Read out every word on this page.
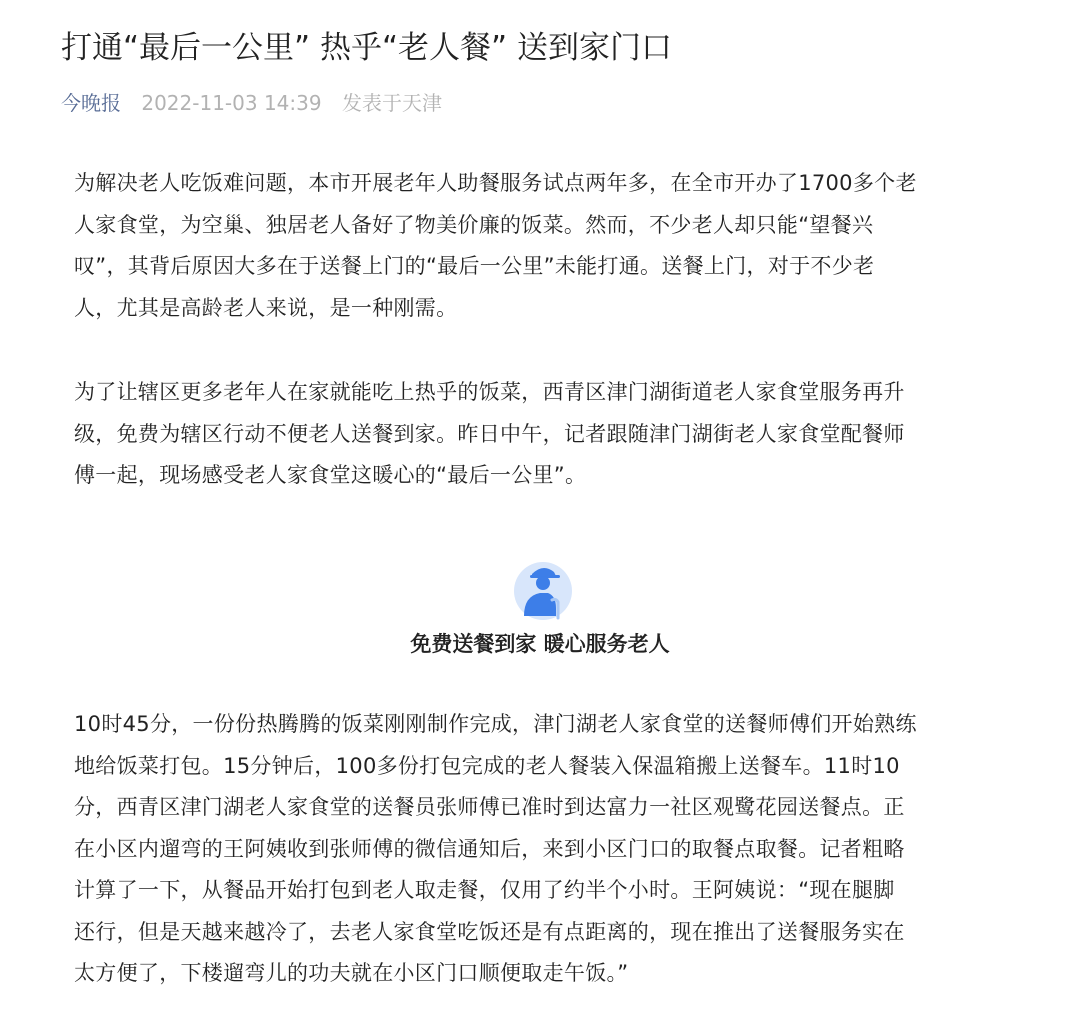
打通“最后一公里” 热乎“老人餐” 送到家门口
今晚报 2022-11-03 14:39 发表于天津

为解决老人吃饭难问题，本市开展老年人助餐服务试点两年多，在全市开办了1700多个老
人家食堂，为空巢、独居老人备好了物美价廉的饭菜。然而，不少老人却只能“望餐兴
叹”，其背后原因大多在于送餐上门的“最后一公里”未能打通。送餐上门，对于不少老
人，尤其是高龄老人来说，是一种刚需。

为了让辖区更多老年人在家就能吃上热乎的饭菜，西青区津门湖街道老人家食堂服务再升
级，免费为辖区行动不便老人送餐到家。昨日中午，记者跟随津门湖街老人家食堂配餐师
傅一起，现场感受老人家食堂这暖心的“最后一公里”。

免费送餐到家 暖心服务老人

10时45分，一份份热腾腾的饭菜刚刚制作完成，津门湖老人家食堂的送餐师傅们开始熟练
地给饭菜打包。15分钟后，100多份打包完成的老人餐装入保温箱搬上送餐车。11时10
分，西青区津门湖老人家食堂的送餐员张师傅已准时到达富力一社区观鹭花园送餐点。正
在小区内遛弯的王阿姨收到张师傅的微信通知后，来到小区门口的取餐点取餐。记者粗略
计算了一下，从餐品开始打包到老人取走餐，仅用了约半个小时。王阿姨说：“现在腿脚
还行，但是天越来越冷了，去老人家食堂吃饭还是有点距离的，现在推出了送餐服务实在
太方便了，下楼遛弯儿的功夫就在小区门口顺便取走午饭。”
